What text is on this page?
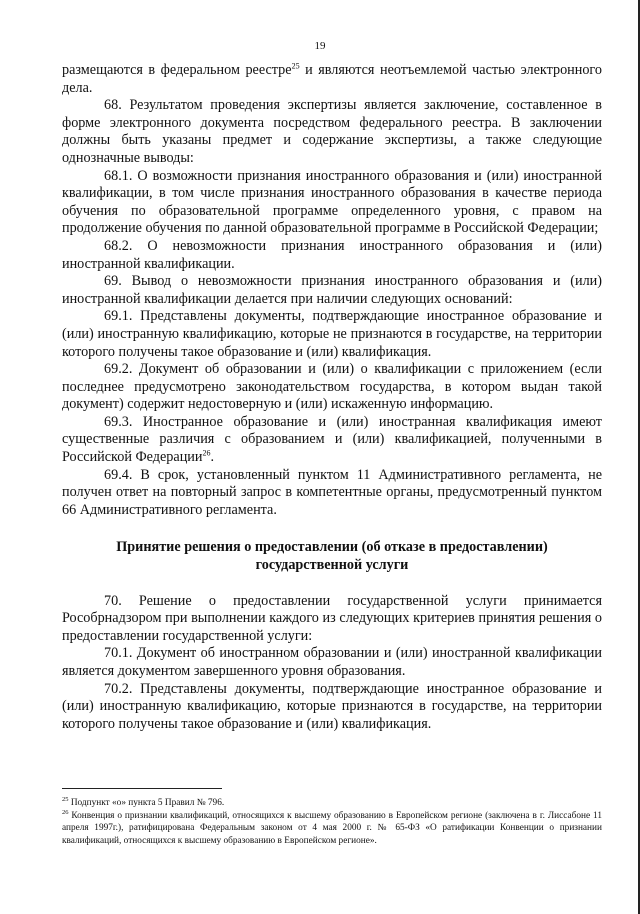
19

размещаются в федеральном реестре$^{25}$ и являются неотъемлемой частью электронного дела.

68. Результатом проведения экспертизы является заключение, составленное в форме электронного документа посредством федерального реестра. В заключении должны быть указаны предмет и содержание экспертизы, а также следующие однозначные выводы:

68.1. О возможности признания иностранного образования и (или) иностранной квалификации, в том числе признания иностранного образования в качестве периода обучения по образовательной программе определенного уровня, с правом на продолжение обучения по данной образовательной программе в Российской Федерации;

68.2. О невозможности признания иностранного образования и (или) иностранной квалификации.

69. Вывод о невозможности признания иностранного образования и (или) иностранной квалификации делается при наличии следующих оснований:

69.1. Представлены документы, подтверждающие иностранное образование и (или) иностранную квалификацию, которые не признаются в государстве, на территории которого получены такое образование и (или) квалификация.

69.2. Документ об образовании и (или) о квалификации с приложением (если последнее предусмотрено законодательством государства, в котором выдан такой документ) содержит недостоверную и (или) искаженную информацию.

69.3. Иностранное образование и (или) иностранная квалификация имеют существенные различия с образованием и (или) квалификацией, полученными в Российской Федерации$^{26}$.

69.4. В срок, установленный пунктом 11 Административного регламента, не получен ответ на повторный запрос в компетентные органы, предусмотренный пунктом 66 Административного регламента.

Принятие решения о предоставлении (об отказе в предоставлении) государственной услуги

70. Решение о предоставлении государственной услуги принимается Рособрнадзором при выполнении каждого из следующих критериев принятия решения о предоставлении государственной услуги:

70.1. Документ об иностранном образовании и (или) иностранной квалификации является документом завершенного уровня образования.

70.2. Представлены документы, подтверждающие иностранное образование и (или) иностранную квалификацию, которые признаются в государстве, на территории которого получены такое образование и (или) квалификация.

$^{25}$ Подпункт «о» пункта 5 Правил № 796.

$^{26}$ Конвенция о признании квалификаций, относящихся к высшему образованию в Европейском регионе (заключена в г. Лиссабоне 11 апреля 1997г.), ратифицирована Федеральным законом от 4 мая 2000 г. № 65-ФЗ «О ратификации Конвенции о признании квалификаций, относящихся к высшему образованию в Европейском регионе».
